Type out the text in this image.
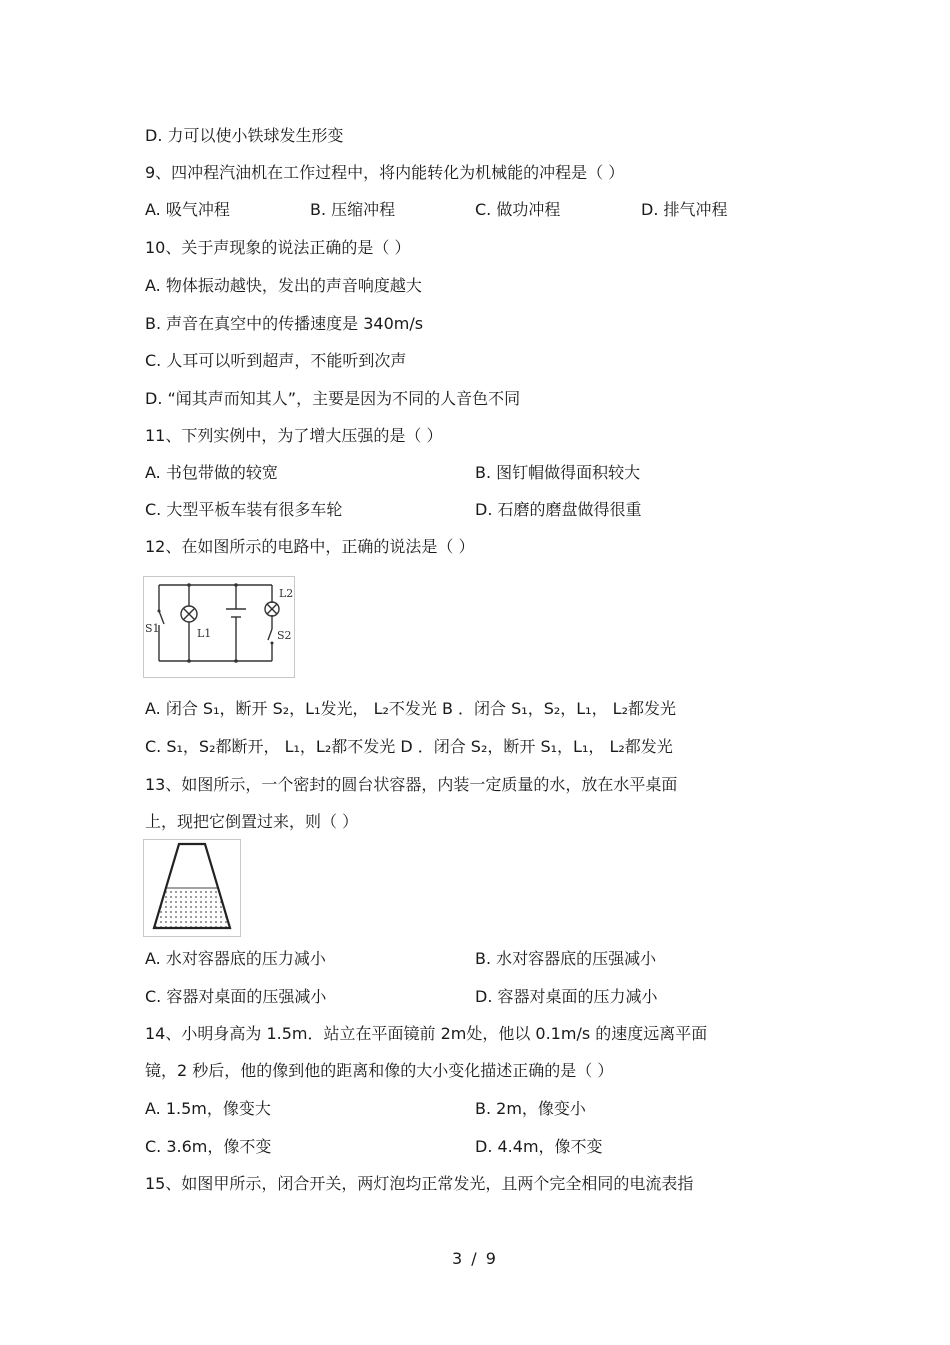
D. 力可以使小铁球发生形变
9、四冲程汽油机在工作过程中，将内能转化为机械能的冲程是（ ）
A. 吸气冲程	B. 压缩冲程	C. 做功冲程	D. 排气冲程
10、关于声现象的说法正确的是（ ）
A. 物体振动越快，发出的声音响度越大
B. 声音在真空中的传播速度是 340m/s
C. 人耳可以听到超声，不能听到次声
D. “闻其声而知其人”，主要是因为不同的人音色不同
11、下列实例中，为了增大压强的是（ ）
A. 书包带做的较宽	B. 图钉帽做得面积较大
C. 大型平板车装有很多车轮	D. 石磨的磨盘做得很重
12、在如图所示的电路中，正确的说法是（ ）
S1	L1
L2
S2
A. 闭合 S₁，断开 S₂，L₁发光， L₂不发光 B ．闭合 S₁，S₂，L₁， L₂都发光
C. S₁，S₂都断开， L₁，L₂都不发光 D ．闭合 S₂，断开 S₁，L₁， L₂都发光
13、如图所示，一个密封的圆台状容器，内装一定质量的水，放在水平桌面
上，现把它倒置过来，则（ ）
A. 水对容器底的压力减小	B. 水对容器底的压强减小
C. 容器对桌面的压强减小	D. 容器对桌面的压力减小
14、小明身高为 1.5m．站立在平面镜前 2m处，他以 0.1m/s 的速度远离平面
镜，2 秒后，他的像到他的距离和像的大小变化描述正确的是（ ）
A. 1.5m，像变大	B. 2m，像变小
C. 3.6m，像不变	D. 4.4m，像不变
15、如图甲所示，闭合开关，两灯泡均正常发光，且两个完全相同的电流表指
3 / 9
